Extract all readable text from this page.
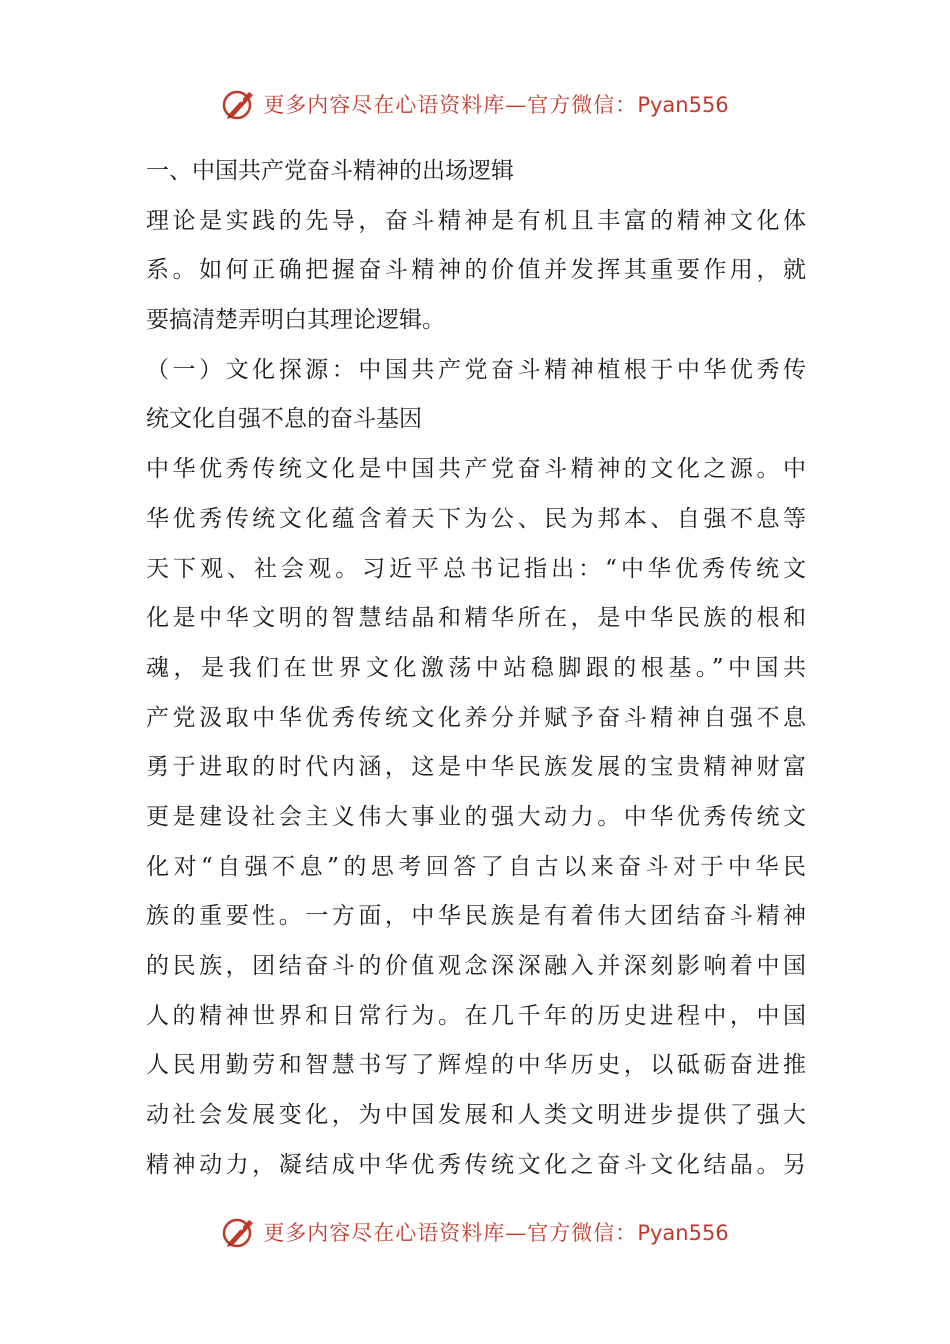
更多内容尽在心语资料库—官方微信：Pyan556
一、中国共产党奋斗精神的出场逻辑
理论是实践的先导，奋斗精神是有机且丰富的精神文化体
系。如何正确把握奋斗精神的价值并发挥其重要作用，就
要搞清楚弄明白其理论逻辑。
（一）文化探源：中国共产党奋斗精神植根于中华优秀传
统文化自强不息的奋斗基因
中华优秀传统文化是中国共产党奋斗精神的文化之源。中
华优秀传统文化蕴含着天下为公、民为邦本、自强不息等
天下观、社会观。习近平总书记指出：“中华优秀传统文
化是中华文明的智慧结晶和精华所在，是中华民族的根和
魂，是我们在世界文化激荡中站稳脚跟的根基。”中国共
产党汲取中华优秀传统文化养分并赋予奋斗精神自强不息
勇于进取的时代内涵，这是中华民族发展的宝贵精神财富
更是建设社会主义伟大事业的强大动力。中华优秀传统文
化对“自强不息”的思考回答了自古以来奋斗对于中华民
族的重要性。一方面，中华民族是有着伟大团结奋斗精神
的民族，团结奋斗的价值观念深深融入并深刻影响着中国
人的精神世界和日常行为。在几千年的历史进程中，中国
人民用勤劳和智慧书写了辉煌的中华历史，以砥砺奋进推
动社会发展变化，为中国发展和人类文明进步提供了强大
精神动力，凝结成中华优秀传统文化之奋斗文化结晶。另
更多内容尽在心语资料库—官方微信：Pyan556
